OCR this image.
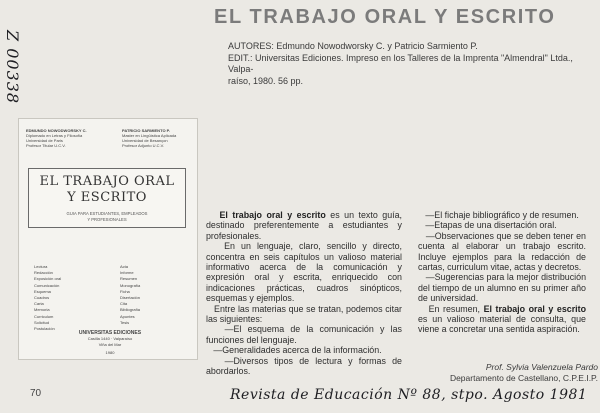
Z 00338
EL TRABAJO ORAL Y ESCRITO
AUTORES: Edmundo Nowodworsky C. y Patricio Sarmiento P.
EDIT.: Universitas Ediciones. Impreso en los Talleres de la Imprenta "Almendral" Ltda., Valpa-
raíso, 1980. 56 pp.
EDMUNDO NOWODWORSKY C.
Diplomado en Letras y Filosofía
Universidad de Paris
Profesor Titular U.C.V.
PATRICIO SARMIENTO P.
Master en Lingüística Aplicada
Universidad de Besançon
Profesor Adjunto U.C.V.
EL TRABAJO ORAL
Y ESCRITO
GUIA PARA ESTUDIANTES, EMPLEADOS
Y PROFESIONALES
Lectura
Redacción
Exposición oral
Comunicación
Esquema
Cuadros
Carta
Memoria
Curriculum
Solicitud
Postulación
Acta
Informe
Resumen
Monografía
Ficha
Disertación
Cita
Bibliografía
Apuntes
Tesis
UNIVERSITAS EDICIONES
Casilla 1440 · Valparaíso
Viña del Mar
1980

El trabajo oral y escrito es un texto guía, destinado preferentemente a estudiantes y profesionales.

En un lenguaje, claro, sencillo y directo, concentra en seis capítulos un valioso material informativo acerca de la comunicación y expresión oral y escrita, enriquecido con indicaciones prácticas, cuadros sinópticos, esquemas y ejemplos.

Entre las materias que se tratan, podemos citar las siguientes:

—El esquema de la comunicación y las funciones del lenguaje.

—Generalidades acerca de la información.

—Diversos tipos de lectura y formas de abordarlos.

—El fichaje bibliográfico y de resumen.

—Etapas de una disertación oral.

—Observaciones que se deben tener en cuenta al elaborar un trabajo escrito. Incluye ejemplos para la redacción de cartas, curriculum vitae, actas y decretos.

—Sugerencias para la mejor distribución del tiempo de un alumno en su primer año de universidad.

En resumen, El trabajo oral y escrito es un valioso material de consulta, que viene a concretar una sentida aspiración.

Prof. Sylvia Valenzuela Pardo
Departamento de Castellano, C.P.E.I.P.
70	Revista de Educación Nº 88, stpo. Agosto 1981
